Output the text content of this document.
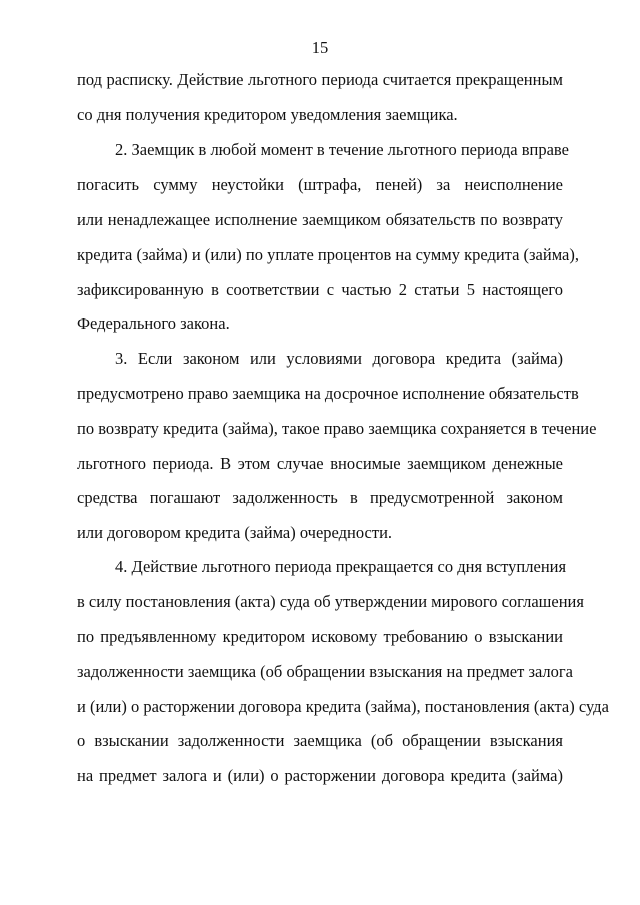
15
под расписку. Действие льготного периода считается прекращенным
со дня получения кредитором уведомления заемщика.
2. Заемщик в любой момент в течение льготного периода вправе
погасить сумму неустойки (штрафа, пеней) за неисполнение
или ненадлежащее исполнение заемщиком обязательств по возврату
кредита (займа) и (или) по уплате процентов на сумму кредита (займа),
зафиксированную в соответствии с частью 2 статьи 5 настоящего
Федерального закона.
3. Если законом или условиями договора кредита (займа)
предусмотрено право заемщика на досрочное исполнение обязательств
по возврату кредита (займа), такое право заемщика сохраняется в течение
льготного периода. В этом случае вносимые заемщиком денежные
средства погашают задолженность в предусмотренной законом
или договором кредита (займа) очередности.
4. Действие льготного периода прекращается со дня вступления
в силу постановления (акта) суда об утверждении мирового соглашения
по предъявленному кредитором исковому требованию о взыскании
задолженности заемщика (об обращении взыскания на предмет залога
и (или) о расторжении договора кредита (займа), постановления (акта) суда
о взыскании задолженности заемщика (об обращении взыскания
на предмет залога и (или) о расторжении договора кредита (займа)
